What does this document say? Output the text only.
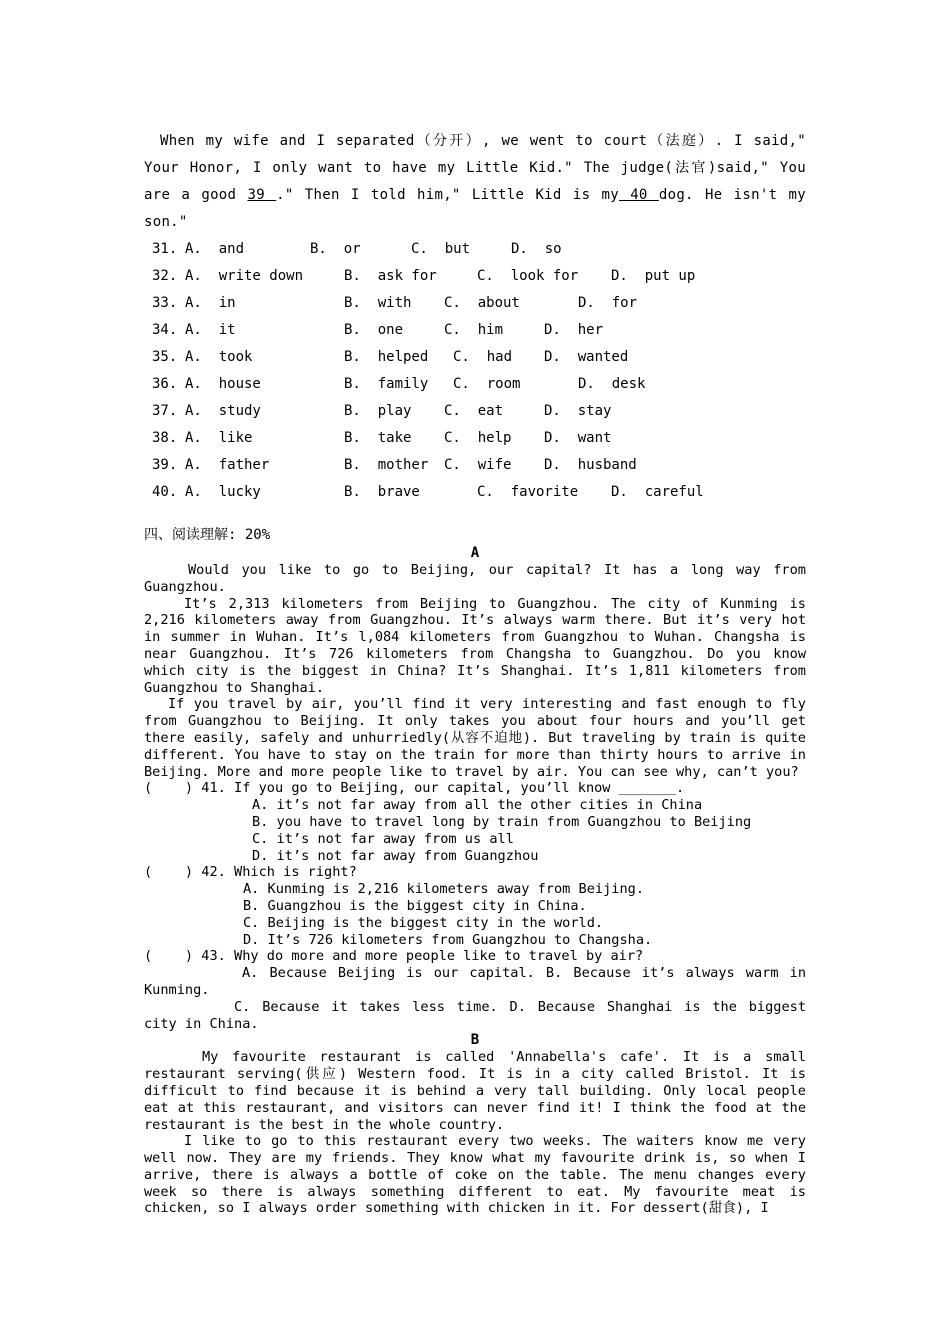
When my wife and I separated（分开）, we went to court（法庭）. I said," Your Honor, I only want to have my Little Kid." The judge(法官)said," You are a good 39 ." Then I told him," Little Kid is my 40 dog. He isn't my son."
31. A.  and	B.  or	C.  but	D.  so
32. A.  write down	B.  ask for	C.  look for D.  put up
33. A.  in	B.  with C.  about	D.  for
34. A.  it	B.  one	C.  him	D.  her
35. A.  took	B.  helped C.  had D.  wanted
36. A.  house	B.  family C.  room	D.  desk
37. A.  study	B.  play C.  eat	D.  stay
38. A.  like	B.  take C.  help D.  want
39. A.  father	B.  mother C.  wife D.  husband
40. A.  lucky	B.  brave	C.  favorite D.  careful
四、阅读理解: 20%
A

Would you like to go to Beijing, our capital? It has a long way from Guangzhou.

It’s 2,313 kilometers from Beijing to Guangzhou. The city of Kunming is 2,216 kilometers away from Guangzhou. It’s always warm there. But it’s very hot in summer in Wuhan. It’s l,084 kilometers from Guangzhou to Wuhan. Changsha is near Guangzhou. It’s 726 kilometers from Changsha to Guangzhou. Do you know which city is the biggest in China? It’s Shanghai. It’s 1,811 kilometers from Guangzhou to Shanghai.

If you travel by air, you’ll find it very interesting and fast enough to fly from Guangzhou to Beijing. It only takes you about four hours and you’ll get there easily, safely and unhurriedly(从容不迫地). But traveling by train is quite different. You have to stay on the train for more than thirty hours to arrive in Beijing. More and more people like to travel by air. You can see why, can’t you?

(    ) 41. If you go to Beijing, our capital, you’ll know _______.

A. it’s not far away from all the other cities in China

B. you have to travel long by train from Guangzhou to Beijing

C. it’s not far away from us all

D. it’s not far away from Guangzhou

(    ) 42. Which is right?

A. Kunming is 2,216 kilometers away from Beijing.

B. Guangzhou is the biggest city in China.

C. Beijing is the biggest city in the world.

D. It’s 726 kilometers from Guangzhou to Changsha.

(    ) 43. Why do more and more people like to travel by air?

A. Because Beijing is our capital. B. Because it’s always warm in Kunming.

C. Because it takes less time. D. Because Shanghai is the biggest city in China.

B

My favourite restaurant is called 'Annabella's cafe'. It is a small restaurant serving(供应) Western food. It is in a city called Bristol. It is difficult to find because it is behind a very tall building. Only local people eat at this restaurant, and visitors can never find it! I think the food at the restaurant is the best in the whole country.

I like to go to this restaurant every two weeks. The waiters know me very well now. They are my friends. They know what my favourite drink is, so when I arrive, there is always a bottle of coke on the table. The menu changes every week so there is always something different to eat. My favourite meat is chicken, so I always order something with chicken in it. For dessert(甜食), I
